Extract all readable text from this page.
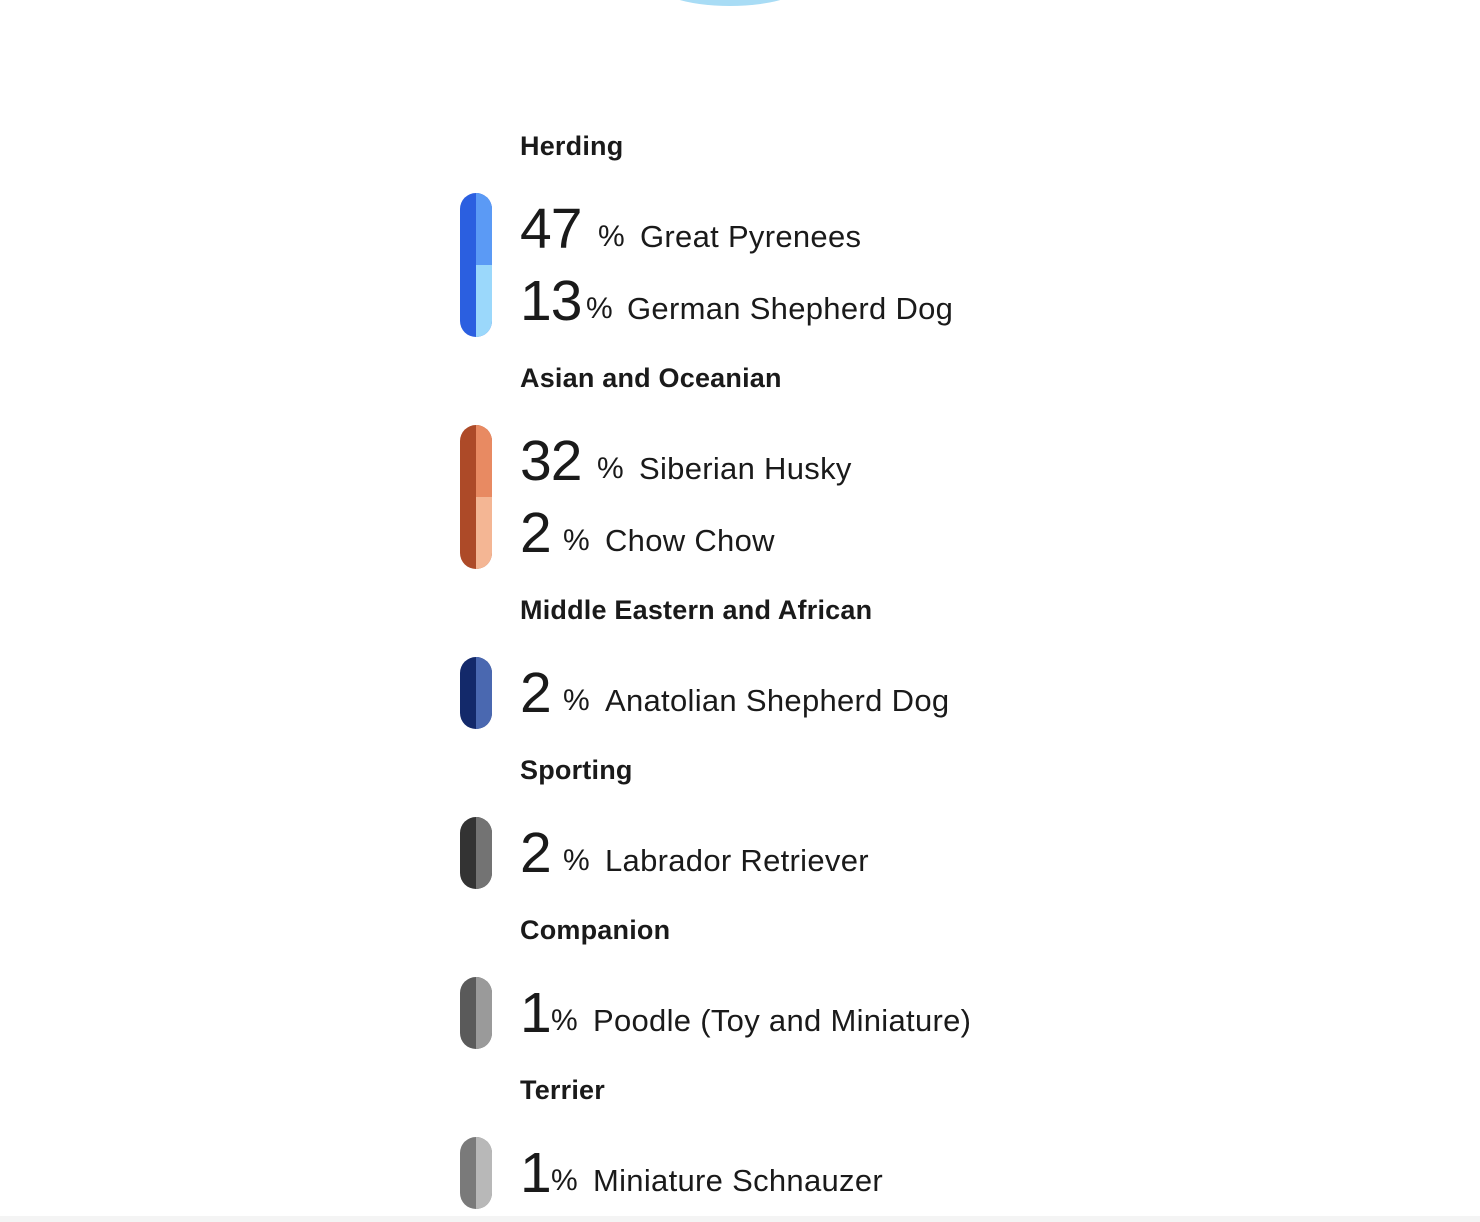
Herding
47 % Great Pyrenees
13 % German Shepherd Dog
Asian and Oceanian
32 % Siberian Husky
2 % Chow Chow
Middle Eastern and African
2 % Anatolian Shepherd Dog
Sporting
2 % Labrador Retriever
Companion
1 % Poodle (Toy and Miniature)
Terrier
1 % Miniature Schnauzer
